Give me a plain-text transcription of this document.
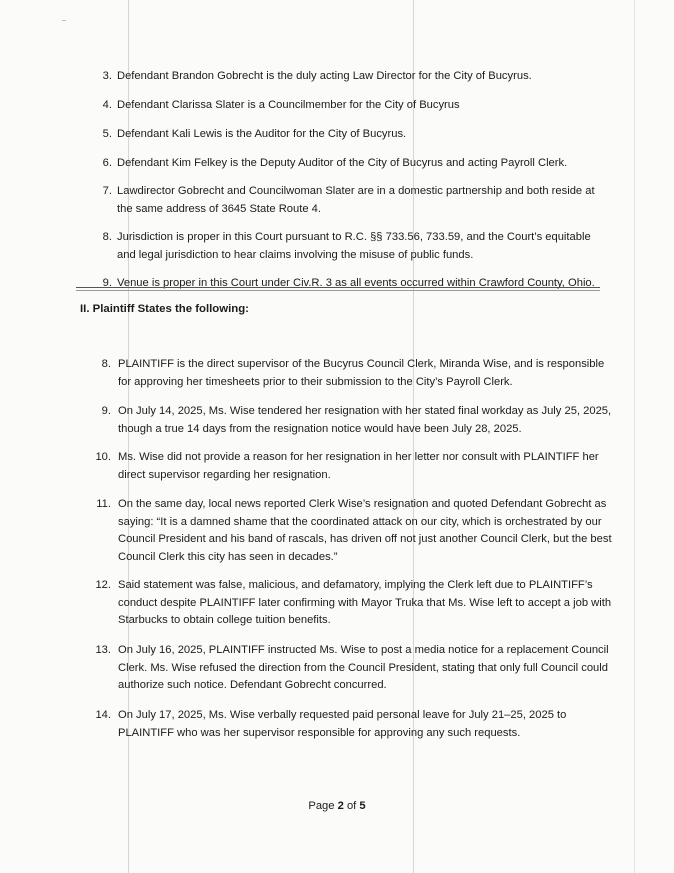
3. Defendant Brandon Gobrecht is the duly acting Law Director for the City of Bucyrus.
4. Defendant Clarissa Slater is a Councilmember for the City of Bucyrus
5. Defendant Kali Lewis is the Auditor for the City of Bucyrus.
6. Defendant Kim Felkey is the Deputy Auditor of the City of Bucyrus and acting Payroll Clerk.
7. Lawdirector Gobrecht and Councilwoman Slater are in a domestic partnership and both reside at the same address of 3645 State Route 4.
8. Jurisdiction is proper in this Court pursuant to R.C. §§ 733.56, 733.59, and the Court’s equitable and legal jurisdiction to hear claims involving the misuse of public funds.
9. Venue is proper in this Court under Civ.R. 3 as all events occurred within Crawford County, Ohio.
II. Plaintiff States the following:
8. PLAINTIFF is the direct supervisor of the Bucyrus Council Clerk, Miranda Wise, and is responsible for approving her timesheets prior to their submission to the City’s Payroll Clerk.
9. On July 14, 2025, Ms. Wise tendered her resignation with her stated final workday as July 25, 2025, though a true 14 days from the resignation notice would have been July 28, 2025.
10. Ms. Wise did not provide a reason for her resignation in her letter nor consult with PLAINTIFF her direct supervisor regarding her resignation.
11. On the same day, local news reported Clerk Wise’s resignation and quoted Defendant Gobrecht as saying: “It is a damned shame that the coordinated attack on our city, which is orchestrated by our Council President and his band of rascals, has driven off not just another Council Clerk, but the best Council Clerk this city has seen in decades.”
12. Said statement was false, malicious, and defamatory, implying the Clerk left due to PLAINTIFF’s conduct despite PLAINTIFF later confirming with Mayor Truka that Ms. Wise left to accept a job with Starbucks to obtain college tuition benefits.
13. On July 16, 2025, PLAINTIFF instructed Ms. Wise to post a media notice for a replacement Council Clerk. Ms. Wise refused the direction from the Council President, stating that only full Council could authorize such notice. Defendant Gobrecht concurred.
14. On July 17, 2025, Ms. Wise verbally requested paid personal leave for July 21–25, 2025 to PLAINTIFF who was her supervisor responsible for approving any such requests.
Page 2 of 5
